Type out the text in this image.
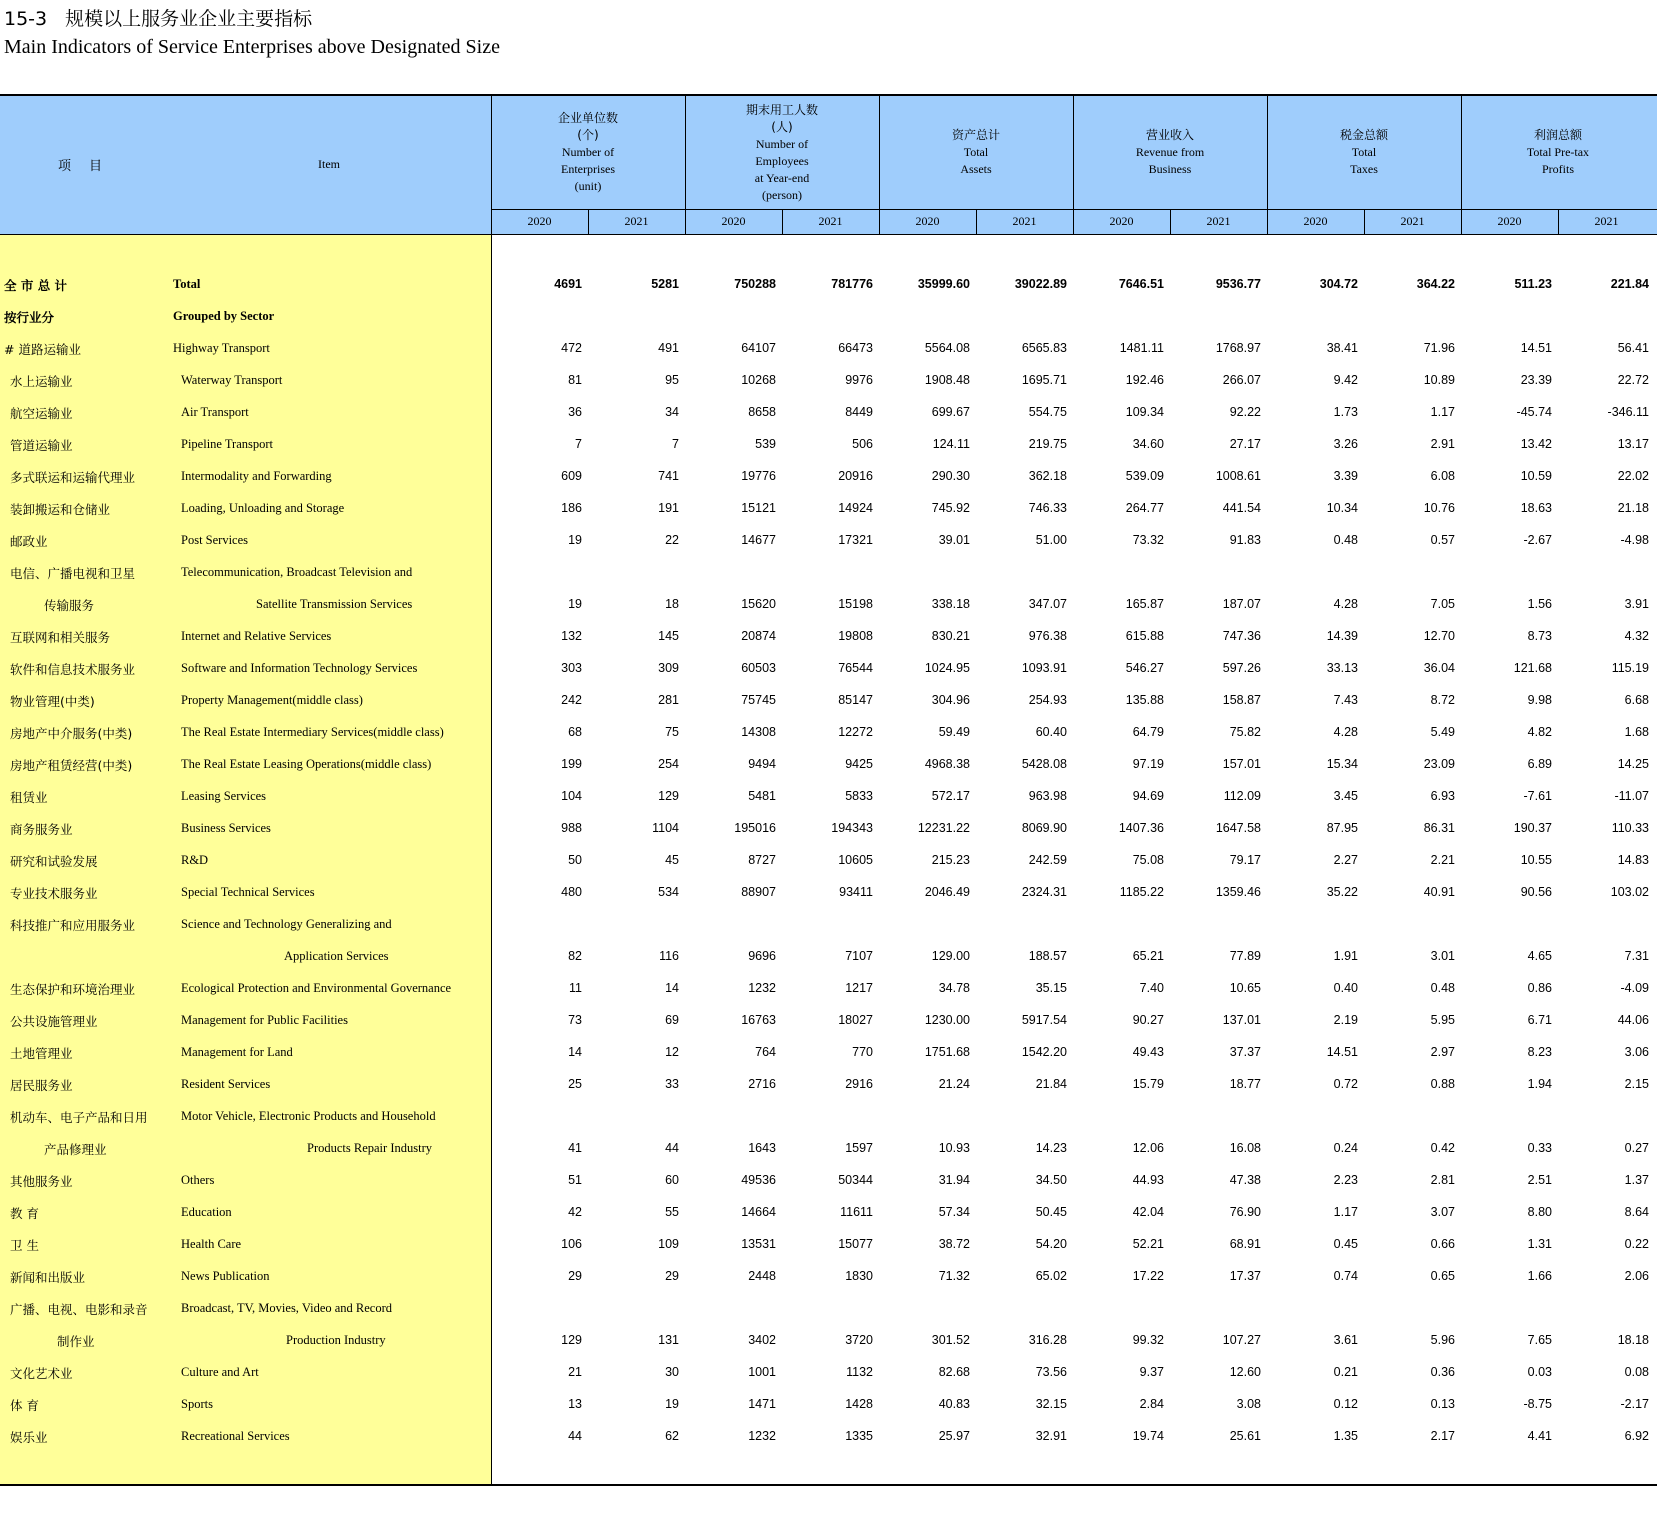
15-3 规模以上服务业企业主要指标
Main Indicators of Service Enterprises above Designated Size
项目	Item
企业单位数
(个)
Number of
Enterprises
(unit)
期末用工人数
(人)
Number of
Employees
at Year-end
(person)
资产总计
Total
Assets
营业收入
Revenue from
Business
税金总额
Total
Taxes
利润总额
Total Pre-tax
Profits
2020	2021	2020	2021	2020	2021	2020	2021	2020	2021	2020	2021
全 市 总 计	Total	4691	5281	750288	781776	35999.60	39022.89	7646.51	9536.77	304.72	364.22	511.23	221.84
按行业分	Grouped by Sector
# 道路运输业	Highway Transport	472	491	64107	66473	5564.08	6565.83	1481.11	1768.97	38.41	71.96	14.51	56.41
水上运输业	Waterway Transport	81	95	10268	9976	1908.48	1695.71	192.46	266.07	9.42	10.89	23.39	22.72
航空运输业	Air Transport	36	34	8658	8449	699.67	554.75	109.34	92.22	1.73	1.17	-45.74	-346.11
管道运输业	Pipeline Transport	7	7	539	506	124.11	219.75	34.60	27.17	3.26	2.91	13.42	13.17
多式联运和运输代理业	Intermodality and Forwarding	609	741	19776	20916	290.30	362.18	539.09	1008.61	3.39	6.08	10.59	22.02
装卸搬运和仓储业	Loading, Unloading and Storage	186	191	15121	14924	745.92	746.33	264.77	441.54	10.34	10.76	18.63	21.18
邮政业	Post Services	19	22	14677	17321	39.01	51.00	73.32	91.83	0.48	0.57	-2.67	-4.98
电信、广播电视和卫星	Telecommunication, Broadcast Television and
传输服务	Satellite Transmission Services	19	18	15620	15198	338.18	347.07	165.87	187.07	4.28	7.05	1.56	3.91
互联网和相关服务	Internet and Relative Services	132	145	20874	19808	830.21	976.38	615.88	747.36	14.39	12.70	8.73	4.32
软件和信息技术服务业	Software and Information Technology Services	303	309	60503	76544	1024.95	1093.91	546.27	597.26	33.13	36.04	121.68	115.19
物业管理(中类)	Property Management(middle class)	242	281	75745	85147	304.96	254.93	135.88	158.87	7.43	8.72	9.98	6.68
房地产中介服务(中类)	The Real Estate Intermediary Services(middle class)	68	75	14308	12272	59.49	60.40	64.79	75.82	4.28	5.49	4.82	1.68
房地产租赁经营(中类)	The Real Estate Leasing Operations(middle class)	199	254	9494	9425	4968.38	5428.08	97.19	157.01	15.34	23.09	6.89	14.25
租赁业	Leasing Services	104	129	5481	5833	572.17	963.98	94.69	112.09	3.45	6.93	-7.61	-11.07
商务服务业	Business Services	988	1104	195016	194343	12231.22	8069.90	1407.36	1647.58	87.95	86.31	190.37	110.33
研究和试验发展	R&D	50	45	8727	10605	215.23	242.59	75.08	79.17	2.27	2.21	10.55	14.83
专业技术服务业	Special Technical Services	480	534	88907	93411	2046.49	2324.31	1185.22	1359.46	35.22	40.91	90.56	103.02
科技推广和应用服务业	Science and Technology Generalizing and
Application Services	82	116	9696	7107	129.00	188.57	65.21	77.89	1.91	3.01	4.65	7.31
生态保护和环境治理业	Ecological Protection and Environmental Governance	11	14	1232	1217	34.78	35.15	7.40	10.65	0.40	0.48	0.86	-4.09
公共设施管理业	Management for Public Facilities	73	69	16763	18027	1230.00	5917.54	90.27	137.01	2.19	5.95	6.71	44.06
土地管理业	Management for Land	14	12	764	770	1751.68	1542.20	49.43	37.37	14.51	2.97	8.23	3.06
居民服务业	Resident Services	25	33	2716	2916	21.24	21.84	15.79	18.77	0.72	0.88	1.94	2.15
机动车、电子产品和日用	Motor Vehicle, Electronic Products and Household
产品修理业	Products Repair Industry	41	44	1643	1597	10.93	14.23	12.06	16.08	0.24	0.42	0.33	0.27
其他服务业	Others	51	60	49536	50344	31.94	34.50	44.93	47.38	2.23	2.81	2.51	1.37
教 育	Education	42	55	14664	11611	57.34	50.45	42.04	76.90	1.17	3.07	8.80	8.64
卫 生	Health Care	106	109	13531	15077	38.72	54.20	52.21	68.91	0.45	0.66	1.31	0.22
新闻和出版业	News Publication	29	29	2448	1830	71.32	65.02	17.22	17.37	0.74	0.65	1.66	2.06
广播、电视、电影和录音	Broadcast, TV, Movies, Video and Record
制作业	Production Industry	129	131	3402	3720	301.52	316.28	99.32	107.27	3.61	5.96	7.65	18.18
文化艺术业	Culture and Art	21	30	1001	1132	82.68	73.56	9.37	12.60	0.21	0.36	0.03	0.08
体 育	Sports	13	19	1471	1428	40.83	32.15	2.84	3.08	0.12	0.13	-8.75	-2.17
娱乐业	Recreational Services	44	62	1232	1335	25.97	32.91	19.74	25.61	1.35	2.17	4.41	6.92
